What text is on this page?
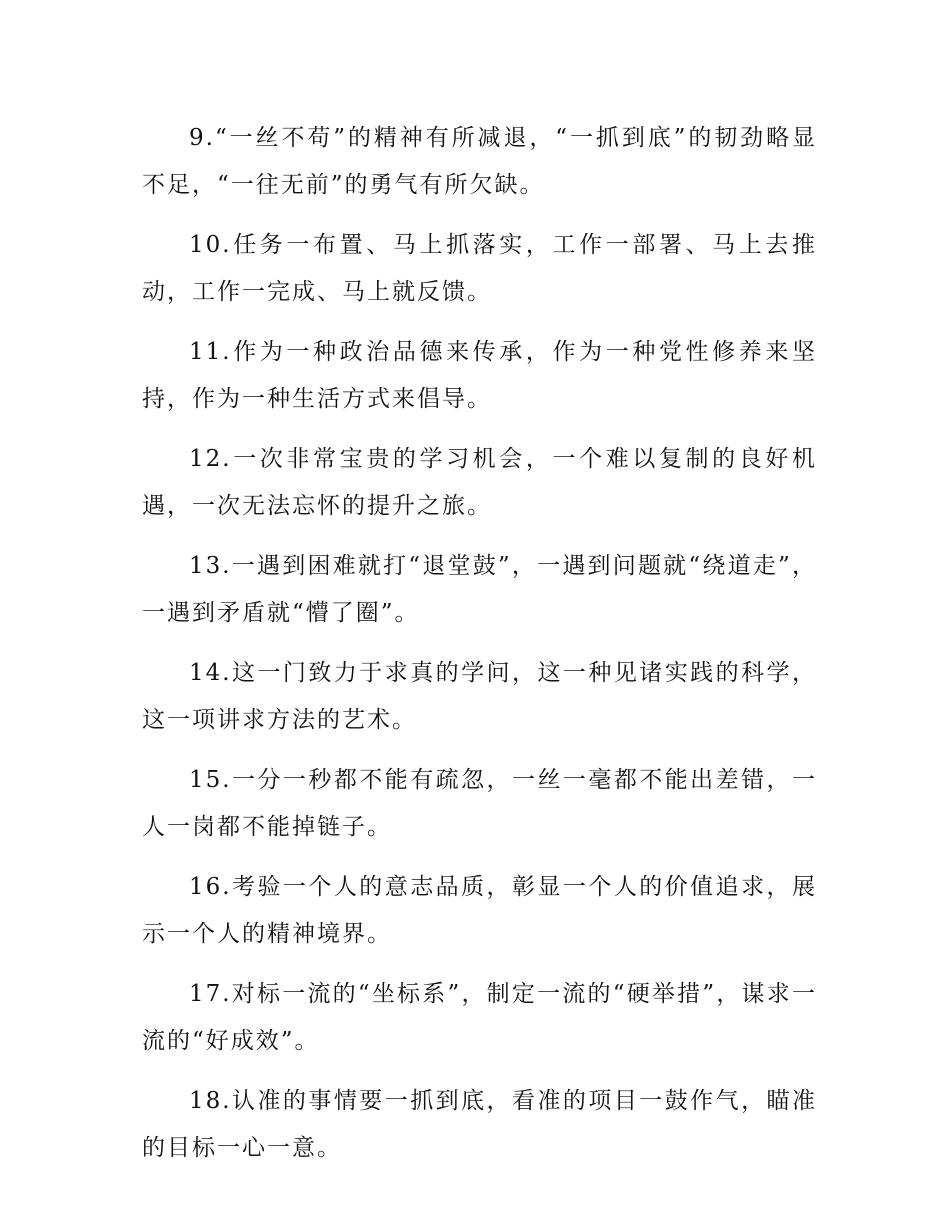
9.“一丝不苟”的精神有所减退，“一抓到底”的韧劲略显不足，“一往无前”的勇气有所欠缺。

10.任务一布置、马上抓落实，工作一部署、马上去推动，工作一完成、马上就反馈。

11.作为一种政治品德来传承，作为一种党性修养来坚持，作为一种生活方式来倡导。

12.一次非常宝贵的学习机会，一个难以复制的良好机遇，一次无法忘怀的提升之旅。

13.一遇到困难就打“退堂鼓”，一遇到问题就“绕道走”，一遇到矛盾就“懵了圈”。

14.这一门致力于求真的学问，这一种见诸实践的科学，这一项讲求方法的艺术。

15.一分一秒都不能有疏忽，一丝一毫都不能出差错，一人一岗都不能掉链子。

16.考验一个人的意志品质，彰显一个人的价值追求，展示一个人的精神境界。

17.对标一流的“坐标系”，制定一流的“硬举措”，谋求一流的“好成效”。

18.认准的事情要一抓到底，看准的项目一鼓作气，瞄准的目标一心一意。
